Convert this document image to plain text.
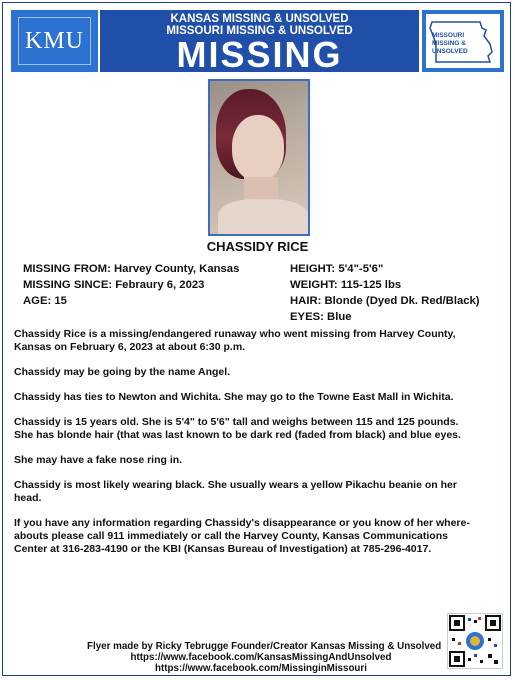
KMU
KANSAS MISSING & UNSOLVED
MISSOURI MISSING & UNSOLVED
MISSING	MISSOURI
MISSING &
UNSOLVED
CHASSIDY RICE
MISSING FROM: Harvey County, Kansas
MISSING SINCE: Febraury 6, 2023
AGE: 15
HEIGHT: 5'4"-5'6"
WEIGHT: 115-125 lbs
HAIR: Blonde (Dyed Dk. Red/Black)
EYES: Blue

Chassidy Rice is a missing/endangered runaway who went missing from Harvey County,

Kansas on February 6, 2023 at about 6:30 p.m.

Chassidy may be going by the name Angel.

Chassidy has ties to Newton and Wichita. She may go to the Towne East Mall in Wichita.

Chassidy is 15 years old. She is 5'4" to 5'6" tall and weighs between 115 and 125 pounds.

She has blonde hair (that was last known to be dark red (faded from black) and blue eyes.

She may have a fake nose ring in.

Chassidy is most likely wearing black. She usually wears a yellow Pikachu beanie on her

head.

If you have any information regarding Chassidy's disappearance or you know of her where-

abouts please call 911 immediately or call the Harvey County, Kansas Communications

Center at 316-283-4190 or the KBI (Kansas Bureau of Investigation) at 785-296-4017.

Flyer made by Ricky Tebrugge Founder/Creator Kansas Missing & Unsolved
https://www.facebook.com/KansasMissingAndUnsolved
https://www.facebook.com/MissinginMissouri
